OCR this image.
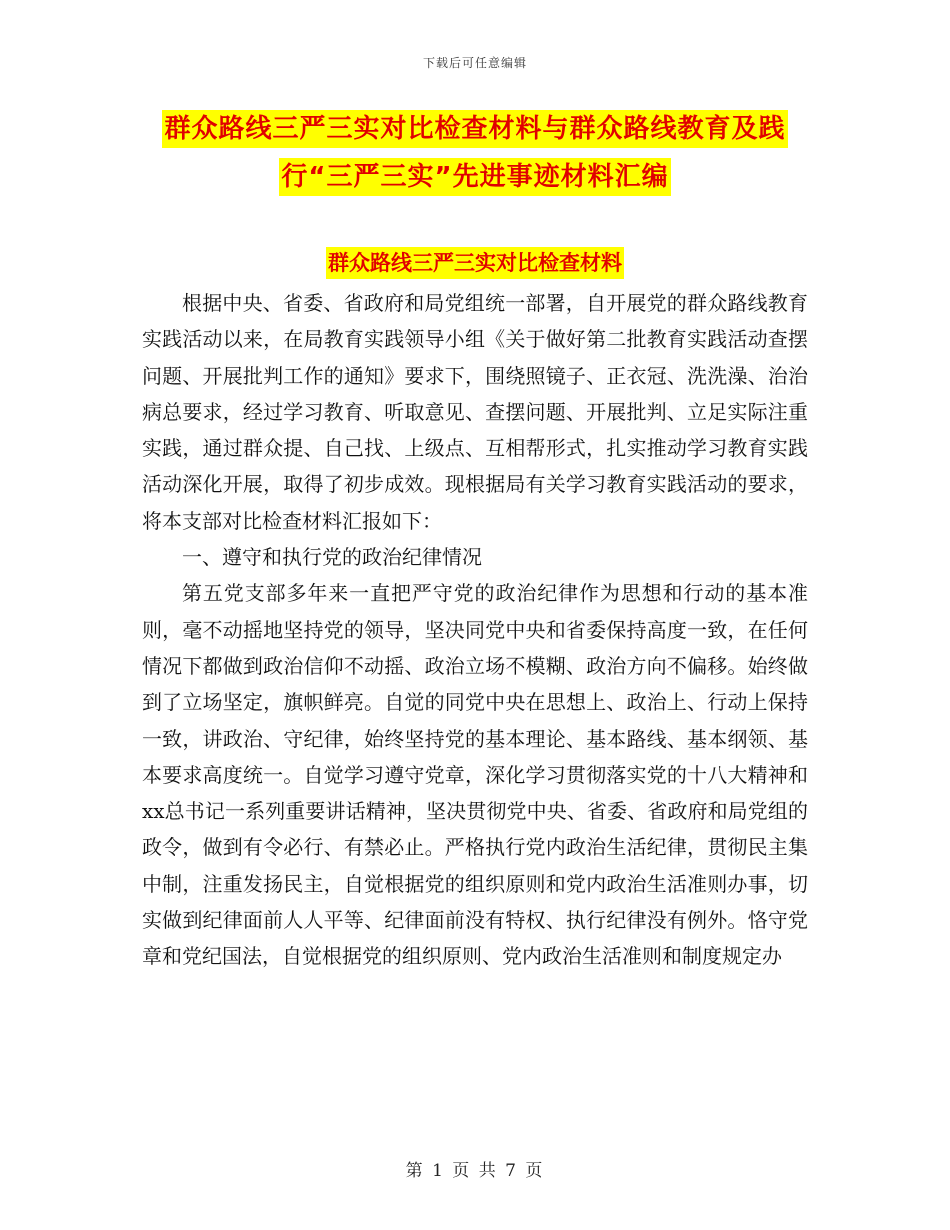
下载后可任意编辑
群众路线三严三实对比检查材料与群众路线教育及践
行“三严三实”先进事迹材料汇编
群众路线三严三实对比检查材料

根据中央、省委、省政府和局党组统一部署，自开展党的群众路线教育实践活动以来，在局教育实践领导小组《关于做好第二批教育实践活动查摆问题、开展批判工作的通知》要求下，围绕照镜子、正衣冠、洗洗澡、治治病总要求，经过学习教育、听取意见、查摆问题、开展批判、立足实际注重实践，通过群众提、自己找、上级点、互相帮形式，扎实推动学习教育实践活动深化开展，取得了初步成效。现根据局有关学习教育实践活动的要求，将本支部对比检查材料汇报如下：

一、遵守和执行党的政治纪律情况

第五党支部多年来一直把严守党的政治纪律作为思想和行动的基本准则，毫不动摇地坚持党的领导，坚决同党中央和省委保持高度一致，在任何情况下都做到政治信仰不动摇、政治立场不模糊、政治方向不偏移。始终做到了立场坚定，旗帜鲜亮。自觉的同党中央在思想上、政治上、行动上保持一致，讲政治、守纪律，始终坚持党的基本理论、基本路线、基本纲领、基本要求高度统一。自觉学习遵守党章，深化学习贯彻落实党的十八大精神和xx总书记一系列重要讲话精神，坚决贯彻党中央、省委、省政府和局党组的政令，做到有令必行、有禁必止。严格执行党内政治生活纪律，贯彻民主集中制，注重发扬民主，自觉根据党的组织原则和党内政治生活准则办事，切实做到纪律面前人人平等、纪律面前没有特权、执行纪律没有例外。恪守党章和党纪国法，自觉根据党的组织原则、党内政治生活准则和制度规定办

第 1 页 共 7 页
